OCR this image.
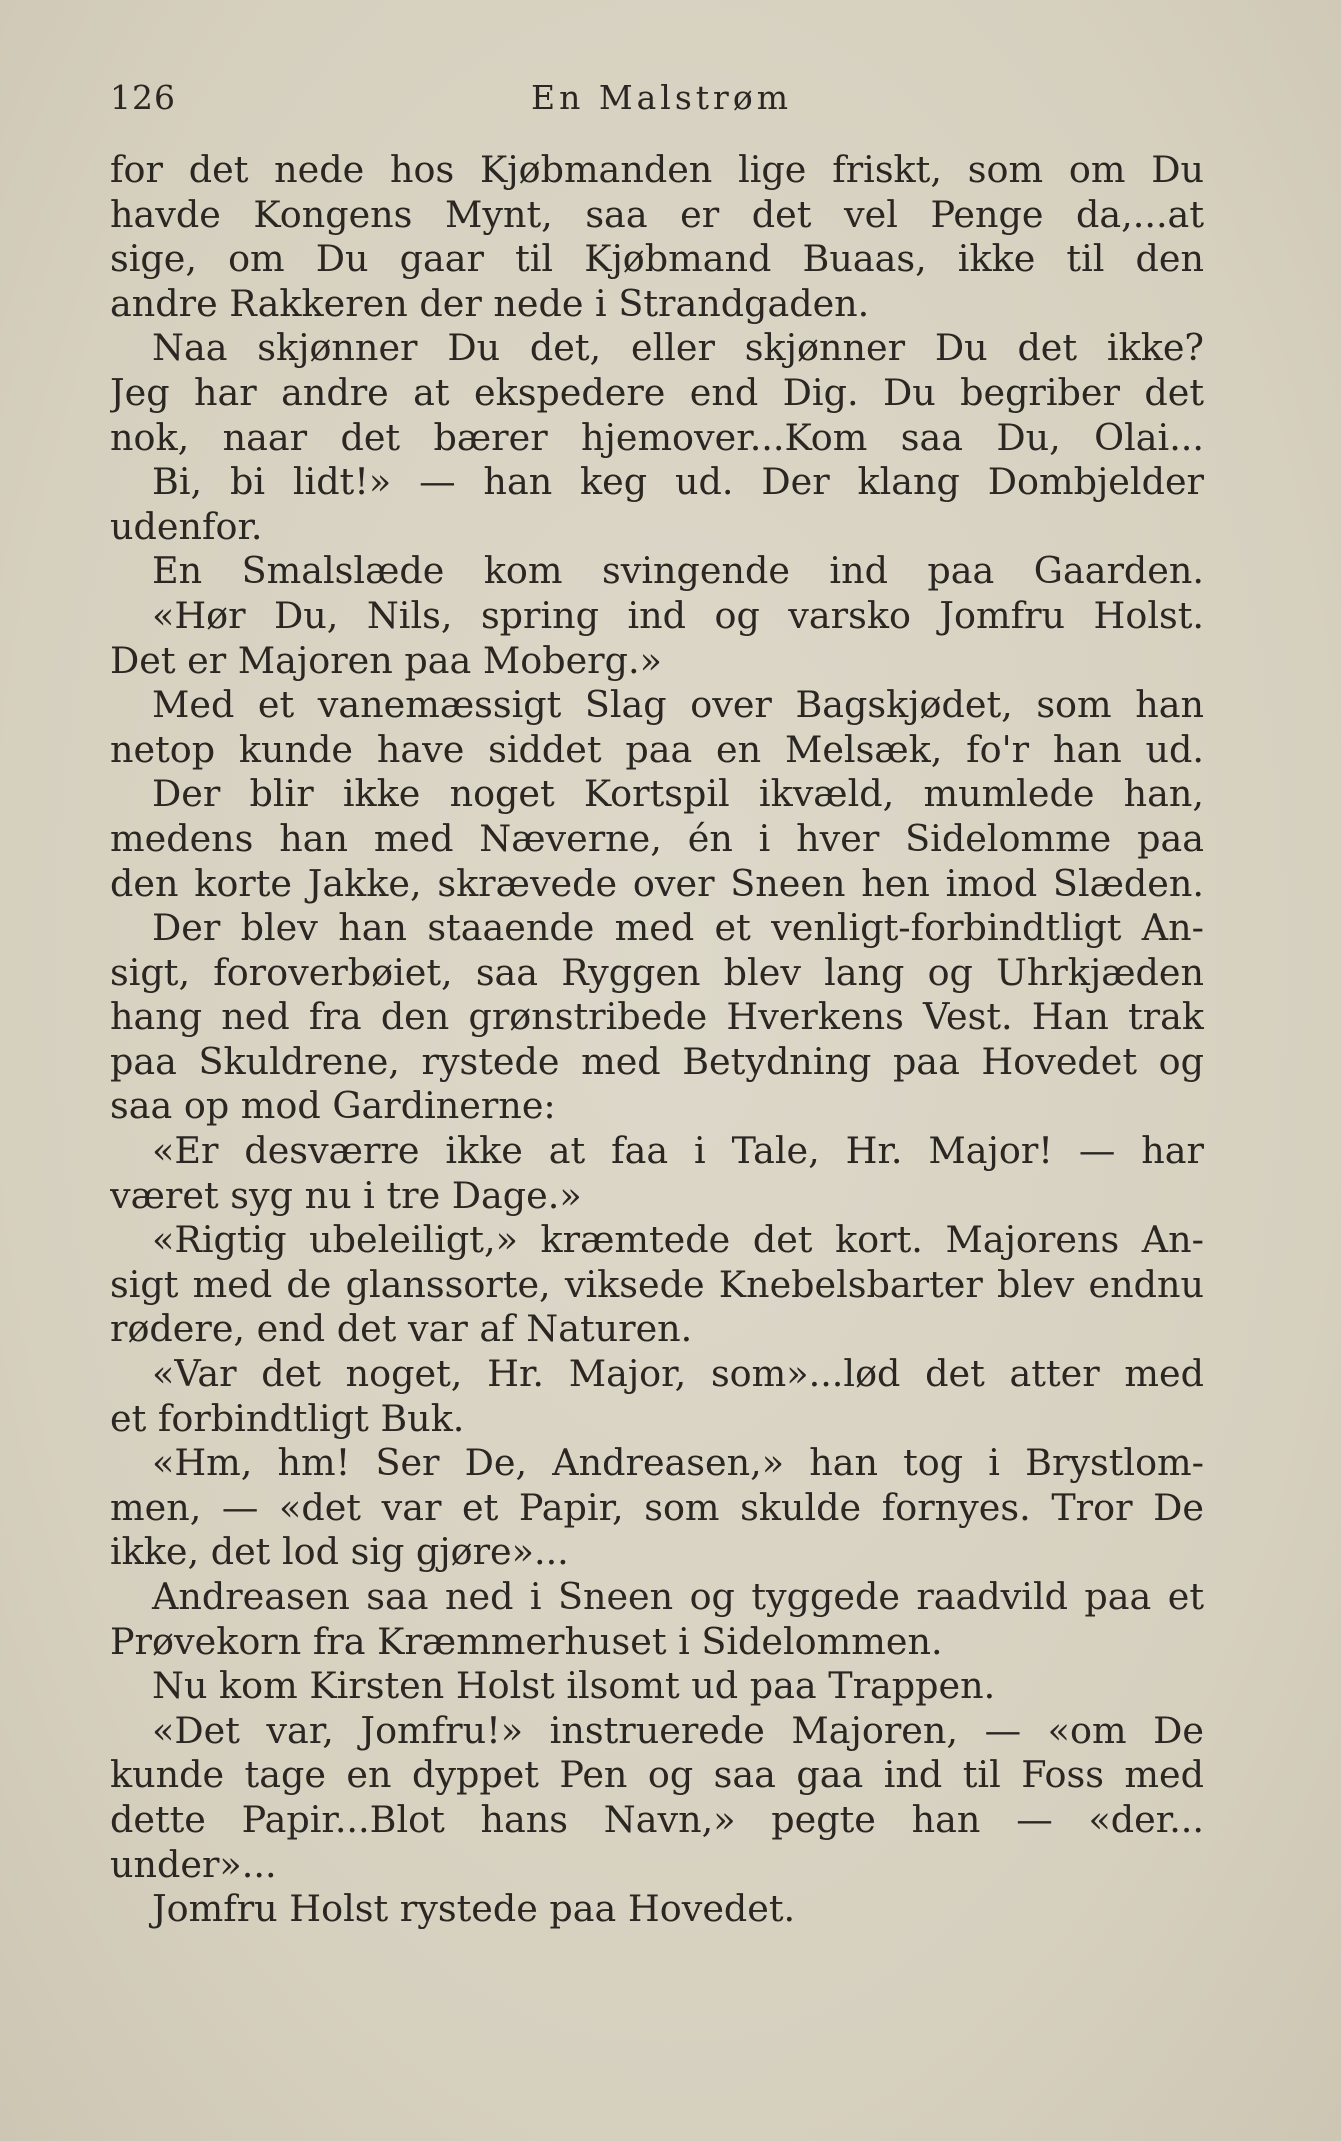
126	En Malstrøm
for det nede hos Kjøbmanden lige friskt, som om Du
havde Kongens Mynt, saa er det vel Penge da,...at
sige, om Du gaar til Kjøbmand Buaas, ikke til den
andre Rakkeren der nede i Strandgaden.
Naa skjønner Du det, eller skjønner Du det ikke?
Jeg har andre at ekspedere end Dig. Du begriber det
nok, naar det bærer hjemover...Kom saa Du, Olai...
Bi, bi lidt!» — han keg ud. Der klang Dombjelder
udenfor.
En Smalslæde kom svingende ind paa Gaarden.
«Hør Du, Nils, spring ind og varsko Jomfru Holst.
Det er Majoren paa Moberg.»
Med et vanemæssigt Slag over Bagskjødet, som han
netop kunde have siddet paa en Melsæk, fo'r han ud.
Der blir ikke noget Kortspil ikvæld, mumlede han,
medens han med Næverne, én i hver Sidelomme paa
den korte Jakke, skrævede over Sneen hen imod Slæden.
Der blev han staaende med et venligt-forbindtligt An-
sigt, foroverbøiet, saa Ryggen blev lang og Uhrkjæden
hang ned fra den grønstribede Hverkens Vest. Han trak
paa Skuldrene, rystede med Betydning paa Hovedet og
saa op mod Gardinerne:
«Er desværre ikke at faa i Tale, Hr. Major! — har
været syg nu i tre Dage.»
«Rigtig ubeleiligt,» kræmtede det kort. Majorens An-
sigt med de glanssorte, viksede Knebelsbarter blev endnu
rødere, end det var af Naturen.
«Var det noget, Hr. Major, som»...lød det atter med
et forbindtligt Buk.
«Hm, hm! Ser De, Andreasen,» han tog i Brystlom-
men, — «det var et Papir, som skulde fornyes. Tror De
ikke, det lod sig gjøre»...
Andreasen saa ned i Sneen og tyggede raadvild paa et
Prøvekorn fra Kræmmerhuset i Sidelommen.
Nu kom Kirsten Holst ilsomt ud paa Trappen.
«Det var, Jomfru!» instruerede Majoren, — «om De
kunde tage en dyppet Pen og saa gaa ind til Foss med
dette Papir...Blot hans Navn,» pegte han — «der...
under»...
Jomfru Holst rystede paa Hovedet.
